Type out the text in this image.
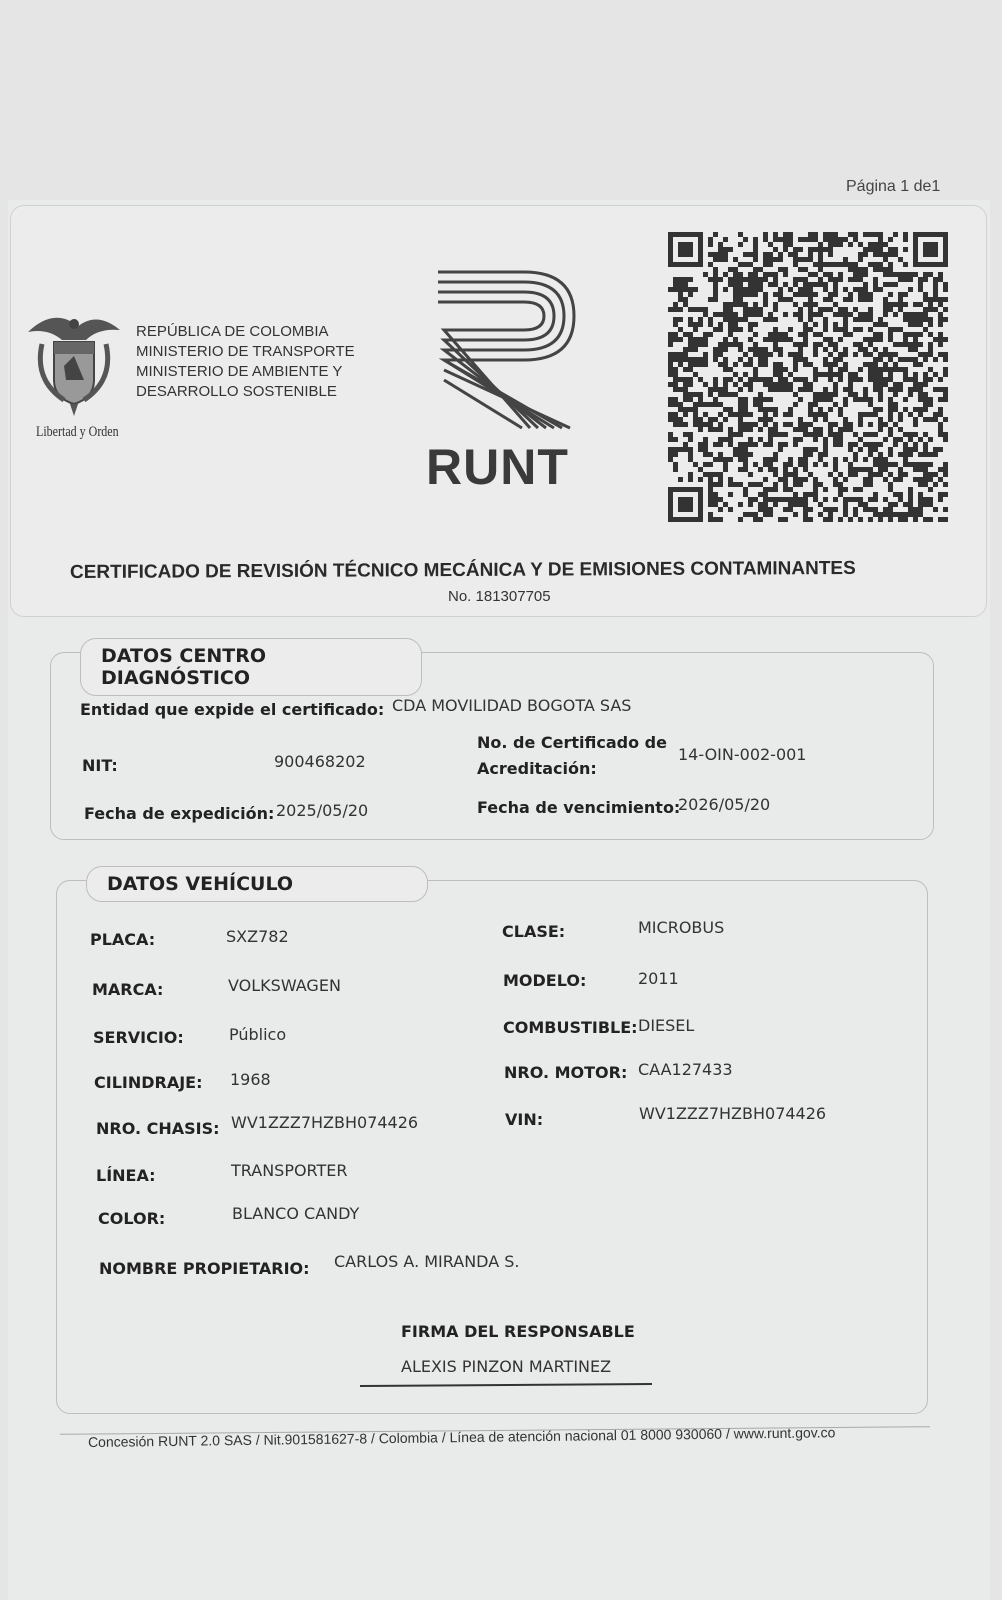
Página 1 de1
REPÚBLICA DE COLOMBIA
MINISTERIO DE TRANSPORTE
MINISTERIO DE AMBIENTE Y
DESARROLLO SOSTENIBLE
Libertad y Orden
RUNT
CERTIFICADO DE REVISIÓN TÉCNICO MECÁNICA Y DE EMISIONES CONTAMINANTES
No. 181307705
DATOS CENTRO DIAGNÓSTICO
Entidad que expide el certificado: CDA MOVILIDAD BOGOTA SAS
NIT:	900468202
No. de Certificado de
Acreditación:
14-OIN-002-001
Fecha de expedición: 2025/05/20	Fecha de vencimiento:
2026/05/20
DATOS VEHÍCULO
PLACA:	SXZ782
MARCA:	VOLKSWAGEN
SERVICIO:	Público
CILINDRAJE: 1968
NRO. CHASIS: WV1ZZZ7HZBH074426
LÍNEA:	TRANSPORTER
COLOR:	BLANCO CANDY
CLASE:	MICROBUS
MODELO:	2011
COMBUSTIBLE: DIESEL
NRO. MOTOR: CAA127433
VIN:	WV1ZZZ7HZBH074426
NOMBRE PROPIETARIO: CARLOS A. MIRANDA S.
FIRMA DEL RESPONSABLE
ALEXIS PINZON MARTINEZ
Concesión RUNT 2.0 SAS / Nit.901581627-8 / Colombia / Línea de atención nacional 01 8000 930060 / www.runt.gov.co
